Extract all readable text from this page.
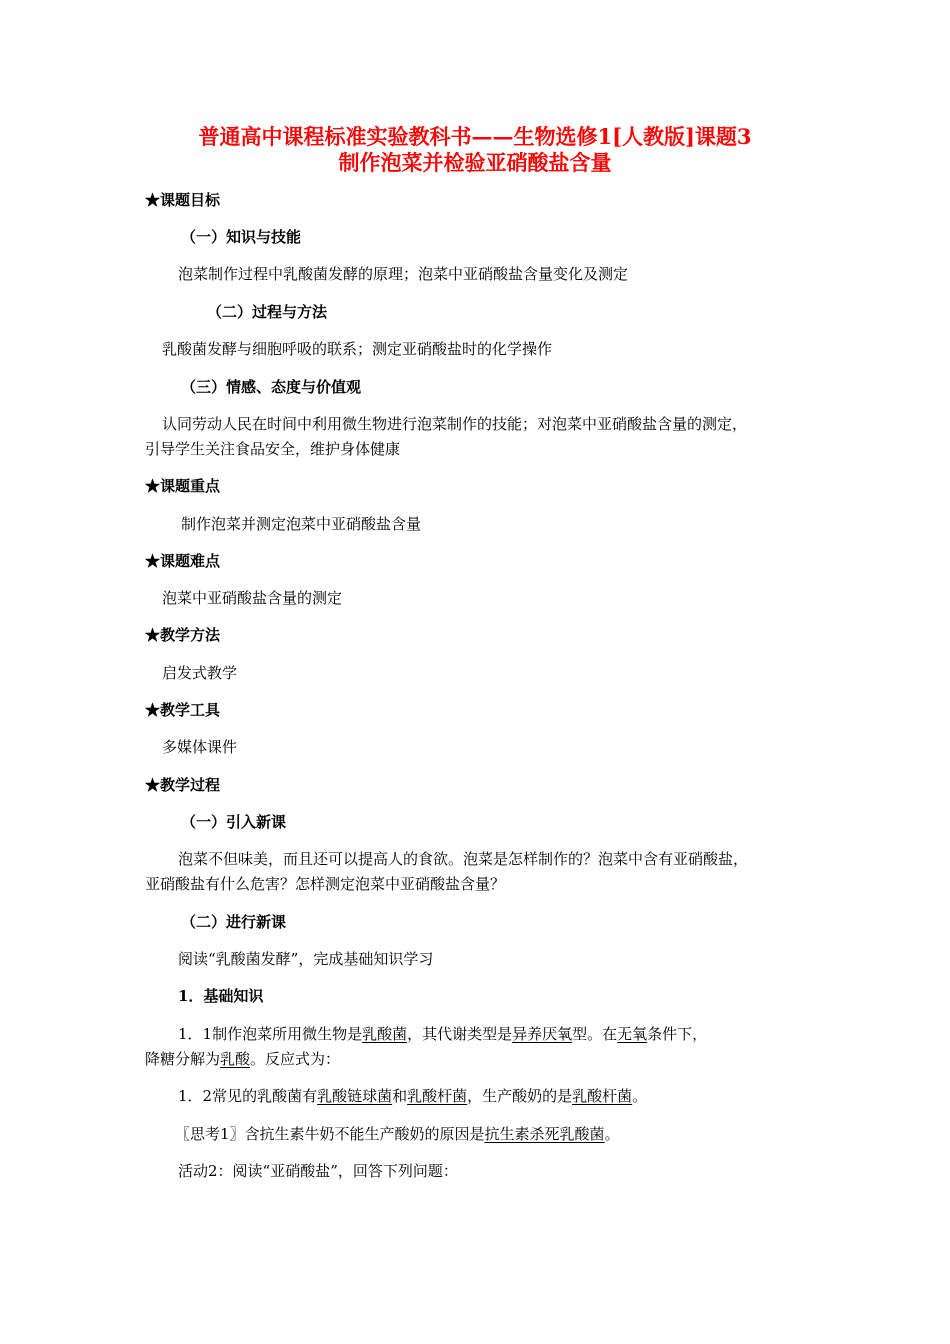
普通高中课程标准实验教科书——生物选修1[人教版]课题3
制作泡菜并检验亚硝酸盐含量
★课题目标
（一）知识与技能
泡菜制作过程中乳酸菌发酵的原理；泡菜中亚硝酸盐含量变化及测定
（二）过程与方法
乳酸菌发酵与细胞呼吸的联系；测定亚硝酸盐时的化学操作
（三）情感、态度与价值观
认同劳动人民在时间中利用微生物进行泡菜制作的技能；对泡菜中亚硝酸盐含量的测定，
引导学生关注食品安全，维护身体健康
★课题重点
制作泡菜并测定泡菜中亚硝酸盐含量
★课题难点
泡菜中亚硝酸盐含量的测定
★教学方法
启发式教学
★教学工具
多媒体课件
★教学过程
（一）引入新课
泡菜不但味美，而且还可以提高人的食欲。泡菜是怎样制作的？泡菜中含有亚硝酸盐，
亚硝酸盐有什么危害？怎样测定泡菜中亚硝酸盐含量？
（二）进行新课
阅读“乳酸菌发酵”，完成基础知识学习
1．基础知识
1．1制作泡菜所用微生物是乳酸菌，其代谢类型是异养厌氧型。在无氧条件下，
降糖分解为乳酸。反应式为：
1．2常见的乳酸菌有乳酸链球菌和乳酸杆菌，生产酸奶的是乳酸杆菌。
〖思考1〗含抗生素牛奶不能生产酸奶的原因是抗生素杀死乳酸菌。
活动2：阅读“亚硝酸盐”，回答下列问题：
